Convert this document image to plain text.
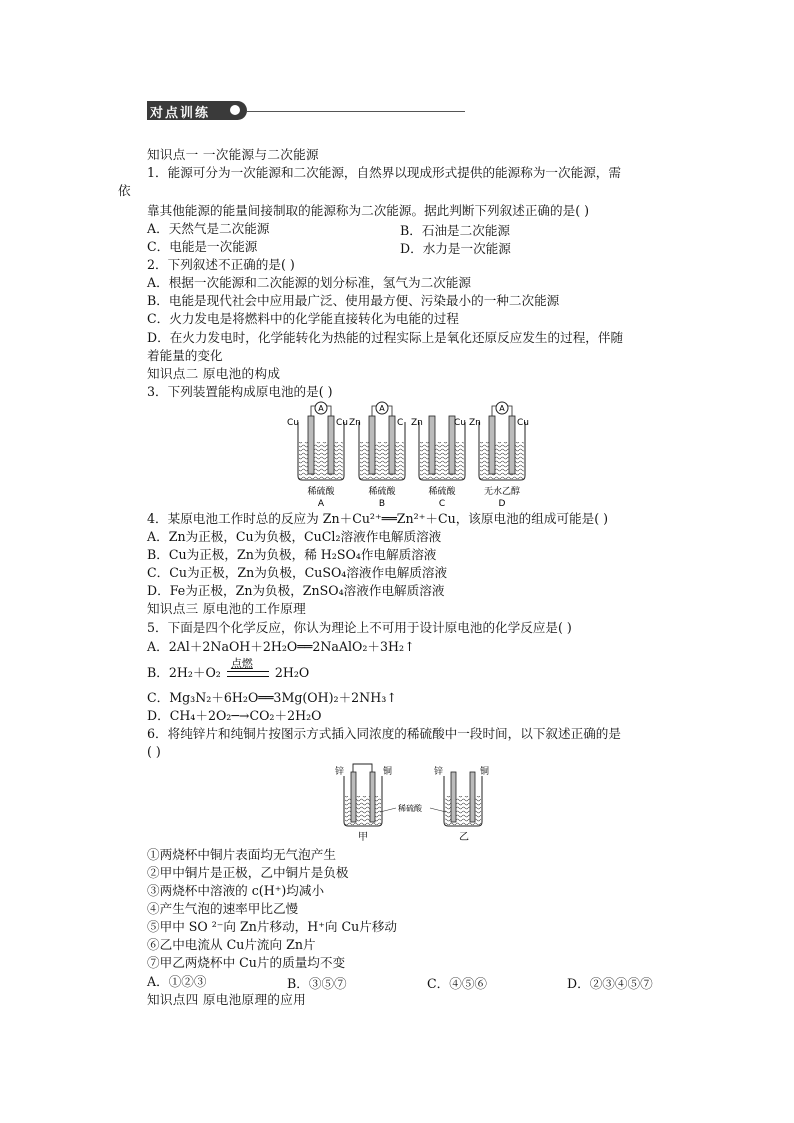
对点训练
知识点一 一次能源与二次能源
1．能源可分为一次能源和二次能源，自然界以现成形式提供的能源称为一次能源，需
依
靠其他能源的能量间接制取的能源称为二次能源。据此判断下列叙述正确的是( )
A．天然气是二次能源	B．石油是二次能源
C．电能是一次能源	D．水力是一次能源
2．下列叙述不正确的是( )
A．根据一次能源和二次能源的划分标准，氢气为二次能源
B．电能是现代社会中应用最广泛、使用最方便、污染最小的一种二次能源
C．火力发电是将燃料中的化学能直接转化为电能的过程
D．在火力发电时，化学能转化为热能的过程实际上是氧化还原反应发生的过程，伴随
着能量的变化
知识点二 原电池的构成
3．下列装置能构成原电池的是( )
A
Cu	Cu
稀硫酸
A
A
Zn	C
稀硫酸
B
Zn	Cu
稀硫酸
C
A
Zn	Cu
无水乙醇
D
4．某原电池工作时总的反应为 Zn＋Cu²⁺══Zn²⁺＋Cu，该原电池的组成可能是( )
A．Zn为正极，Cu为负极，CuCl₂溶液作电解质溶液
B．Cu为正极，Zn为负极，稀 H₂SO₄作电解质溶液
C．Cu为正极，Zn为负极，CuSO₄溶液作电解质溶液
D．Fe为正极，Zn为负极，ZnSO₄溶液作电解质溶液
知识点三 原电池的工作原理
5．下面是四个化学反应，你认为理论上不可用于设计原电池的化学反应是( )
A．2Al＋2NaOH＋2H₂O══2NaAlO₂＋3H₂↑
B．2H₂＋O₂
点燃
2H₂O
C．Mg₃N₂＋6H₂O══3Mg(OH)₂＋2NH₃↑
D．CH₄＋2O₂─→CO₂＋2H₂O
6．将纯锌片和纯铜片按图示方式插入同浓度的稀硫酸中一段时间，以下叙述正确的是
( )
锌	铜
甲
稀硫酸
锌	铜
乙
①两烧杯中铜片表面均无气泡产生
②甲中铜片是正极，乙中铜片是负极
③两烧杯中溶液的 c(H⁺)均减小
④产生气泡的速率甲比乙慢
⑤甲中 SO ²⁻向 Zn片移动，H⁺向 Cu片移动
⑥乙中电流从 Cu片流向 Zn片
⑦甲乙两烧杯中 Cu片的质量均不变
A．①②③	B．③⑤⑦	C．④⑤⑥	D．②③④⑤⑦
知识点四 原电池原理的应用
